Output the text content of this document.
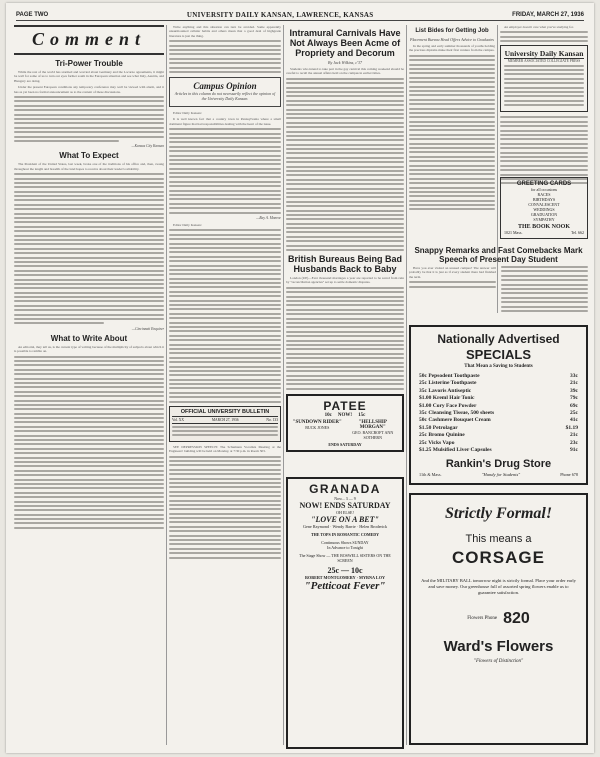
PAGE TWO	UNIVERSITY DAILY KANSAN, LAWRENCE, KANSAS	FRIDAY, MARCH 27, 1936
Comment
Tri-Power Trouble

While the rest of the world has stormed and worried about Germany and the Locarno agreements, it might be well for some of us to turn our eyes farther south in the European situation and see what Italy, Austria, and Hungary are doing.

Under the present European conditions any temporary conference may well be viewed with alarm, and it has as yet been no formal announcement as to the content of these discussions.

—Kansas City Kansan
What To Expect

The President of the United States, last week, broke one of the traditions of his office and, then, swung throughout the length and breadth of the land hopes to receive about their leader's reliability.

—Cincinnati Enquirer
What to Write About

An editorial, they tell us, is the current type of writing because of the multiplicity of subjects about which it is possible to ramble on.

Write anything and this situation can turn be avoided. Some apparently unsurmounted cellular habits and others mean that a good deal of highgrade literature is just the thing.

Campus Opinion
Articles in this column do not necessarily reflect the opinion of the University Daily Kansan.

Editor Daily Kansan:

It is well known fact that a country town in Pennsylvania where a small dominant figure that had responsibilities dealing with the heart of the issue.

—Ray A. Monroe

Editor Daily Kansan:

OFFICIAL UNIVERSITY BULLETIN
Vol. XX	MARCH 27, 1936	No. 133

SEE DEPRESSION SPEECH: The Schumann Vocalists Meeting at the Engineers' building will be held on Monday, at 7:30 p.m. in Room 303.

Intramural Carnivals Have Not Always Been Acme of Propriety and Decorum
By Jack Wilkins, c'37

Students who intend to take part in the gay carnival this coming weekend should be careful to recall the annual affairs held on the campus in earlier times.

British Bureaus Being Bad Husbands Back to Baby

London (UP)—Ever thousand marriages a year are reported to be saved from ruin by "reconciliation agencies" set up to settle domestic disputes.

PATEE
10c NOW! 15c
"SUNDOWN RIDER"
BUCK JONES
"HELLSHIP MORGAN"
GEO. BANCROFT ANN SOTHERN
ENDS SATURDAY
List Bides for Getting Job
Placement Bureau Head Offers Advice to Graduates

In the spring and early summer thousands of youths holding the precious diploma make their first venture from the campus.

Snappy Remarks and Fast Comebacks Mark Speech of Present Day Student

Have you ever visited an unused campus? The answer will probably be that it is just as if every student there had finished the term.

An employer doesn't care what you've studying for.

University Daily Kansan
MEMBER ASSOCIATED COLLEGIATE PRESS
GRANADA
Now... 3 — 9
NOW! ENDS SATURDAY
OH ELSE!
"LOVE ON A BET"
Gene Raymond · Wendy Barrie · Helen Broderick
THE TOPS IN ROMANTIC COMEDY
Continuous Shows SUNDAY
In Advance to Tonight
The Stage Show — THE BOSWELL SISTERS ON THE SCREEN
25c — 10c
ROBERT MONTGOMERY · MYRNA LOY
"Petticoat Fever"
GREETING CARDS
for all occasions
RACES
BIRTHDAYS
CONVALESCENT
WEDDINGS
GRADUATION
SYMPATHY
THE BOOK NOOK
1021 Mass.	Tel. 662
Nationally Advertised
SPECIALS
That Mean a Saving to Students
50c Pepsodent Toothpaste	33c
25c Listerine Toothpaste	21c
35c Lavoris Antiseptic	39c
$1.00 Kreml Hair Tonic	79c
$1.00 Cory Face Powder	69c
35c Cleansing Tissue, 500 sheets	25c
50c Cashmere Bouquet Cream	41c
$1.50 Petrolagar	$1.19
25c Bromo Quinine	21c
25c Vicks Vapo	23c
$1.25 Mulsified Liver Capsules	91c
Rankin's Drug Store
11th & Mass.	"Handy for Students"	Phone 678
Strictly Formal!
This means a
CORSAGE
And the MILITARY BALL tomorrow night is strictly formal. Place your order early and save money. Our greenhouse full of assorted spring flowers enable us to guarantee satisfaction.
Flowers Phone 820
Ward's Flowers
"Flowers of Distinction"
